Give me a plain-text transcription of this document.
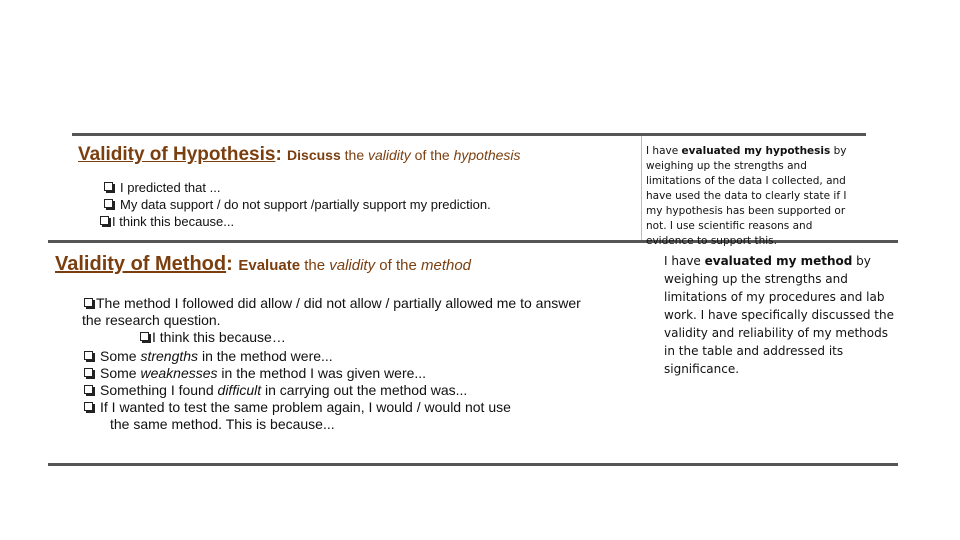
Validity of Hypothesis: Discuss the validity of the hypothesis
I predicted that ...
My data support / do not support /partially support my prediction.
I think this because...
I have evaluated my hypothesis by weighing up the strengths and limitations of the data I collected, and have used the data to clearly state if I my hypothesis has been supported or not. I use scientific reasons and evidence to support this.
Validity of Method: Evaluate the validity of the method
The method I followed did allow / did not allow / partially allowed me to answer
the research question.
I think this because…
Some strengths in the method were...
Some weaknesses in the method I was given were...
Something I found difficult in carrying out the method was...
If I wanted to test the same problem again, I would / would not use
the same method. This is because...
I have evaluated my method by weighing up the strengths and limitations of my procedures and lab work. I have specifically discussed the validity and reliability of my methods in the table and addressed its significance.
